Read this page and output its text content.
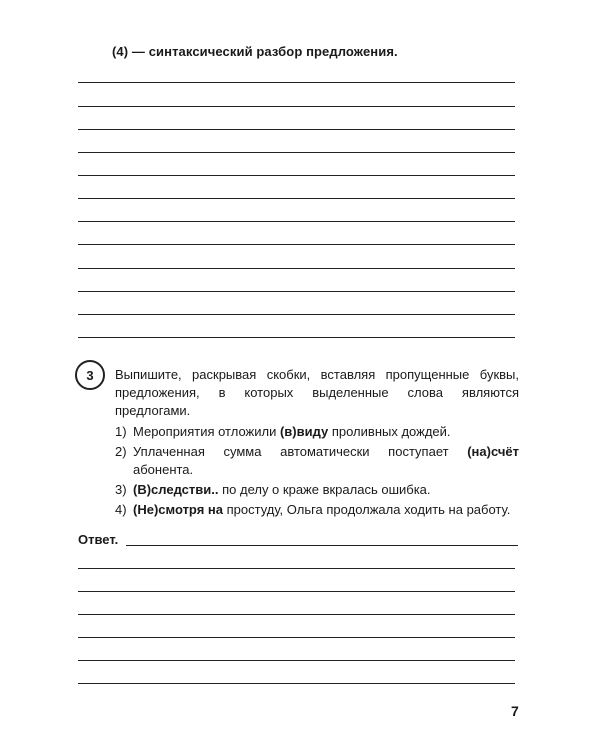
(4) — синтаксический разбор предложения.
3 Выпишите, раскрывая скобки, вставляя пропущенные буквы, предложения, в которых выделенные слова являются предлогами.
1) Мероприятия отложили (в)виду проливных дождей.
2) Уплаченная сумма автоматически поступает (на)счёт абонента.
3) (В)следстви.. по делу о краже вкралась ошибка.
4) (Не)смотря на простуду, Ольга продолжала ходить на работу.
Ответ.
7
